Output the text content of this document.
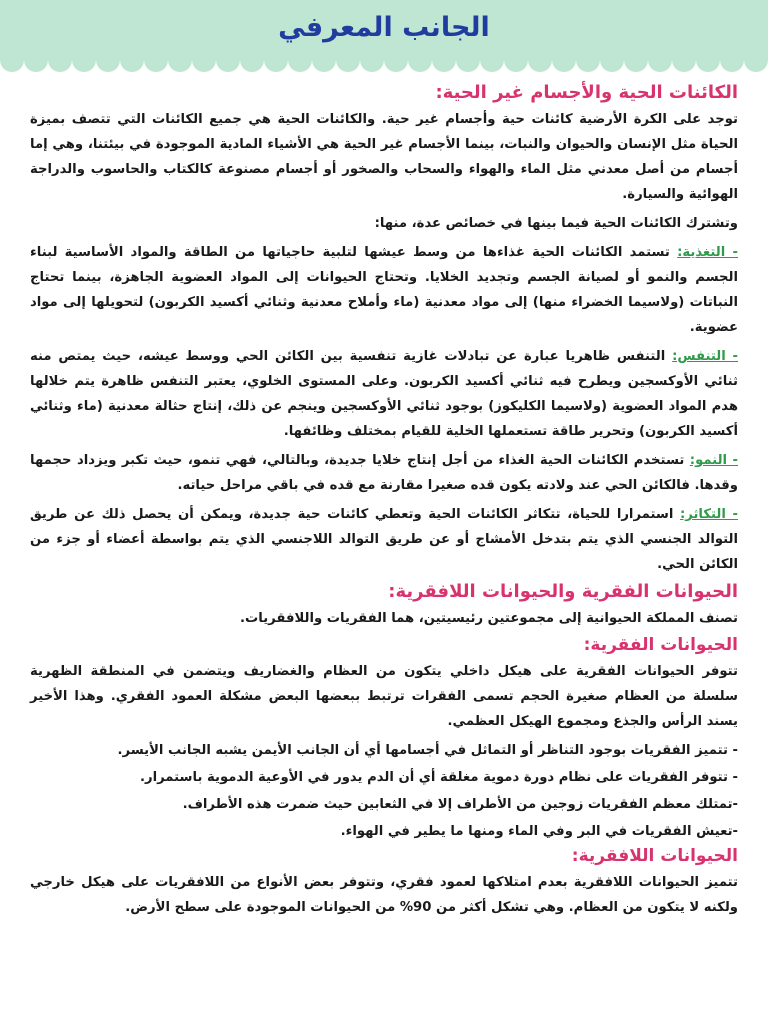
الجانب المعرفي
الكائنات الحية والأجسام غير الحية:

توجد على الكرة الأرضية كائنات حية وأجسام غير حية. والكائنات الحية هي جميع الكائنات التي تتصف بميزة الحياة مثل الإنسان والحيوان والنبات، بينما الأجسام غير الحية هي الأشياء المادية الموجودة في بيئتنا، وهي إما أجسام من أصل معدني مثل الماء والهواء والسحاب والصخور أو أجسام مصنوعة كالكتاب والحاسوب والدراجة الهوائية والسيارة.

وتشترك الكائنات الحية فيما بينها في خصائص عدة، منها:

- التغذية: تستمد الكائنات الحية غذاءها من وسط عيشها لتلبية حاجياتها من الطاقة والمواد الأساسية لبناء الجسم والنمو أو لصيانة الجسم وتجديد الخلايا. وتحتاج الحيوانات إلى المواد العضوية الجاهزة، بينما تحتاج النباتات (ولاسيما الخضراء منها) إلى مواد معدنية (ماء وأملاح معدنية وثنائي أكسيد الكربون) لتحويلها إلى مواد عضوية.

- التنفس: التنفس ظاهريا عبارة عن تبادلات غازية تنفسية بين الكائن الحي ووسط عيشه، حيث يمتص منه ثنائي الأوكسجين ويطرح فيه ثنائي أكسيد الكربون. وعلى المستوى الخلوي، يعتبر التنفس ظاهرة يتم خلالها هدم المواد العضوية (ولاسيما الكليكوز) بوجود ثنائي الأوكسجين وينجم عن ذلك، إنتاج حثالة معدنية (ماء وثنائي أكسيد الكربون) وتحرير طاقة تستعملها الخلية للقيام بمختلف وظائفها.

- النمو: تستخدم الكائنات الحية الغذاء من أجل إنتاج خلايا جديدة، وبالتالي، فهي تنمو، حيث تكبر ويزداد حجمها وقدها. فالكائن الحي عند ولادته يكون قده صغيرا مقارنة مع قده في باقي مراحل حياته.

- التكاثر: استمرارا للحياة، تتكاثر الكائنات الحية وتعطي كائنات حية جديدة، ويمكن أن يحصل ذلك عن طريق التوالد الجنسي الذي يتم بتدخل الأمشاج أو عن طريق التوالد اللاجنسي الذي يتم بواسطة أعضاء أو جزء من الكائن الحي.

الحيوانات الفقرية والحيوانات اللافقرية:

تصنف المملكة الحيوانية إلى مجموعتين رئيسيتين، هما الفقريات واللافقريات.

الحيوانات الفقرية:

تتوفر الحيوانات الفقرية على هيكل داخلي يتكون من العظام والغضاريف ويتضمن في المنطقة الظهرية سلسلة من العظام صغيرة الحجم تسمى الفقرات ترتبط ببعضها البعض مشكلة العمود الفقري. وهذا الأخير يسند الرأس والجذع ومجموع الهيكل العظمي.

- تتميز الفقريات بوجود التناظر أو التماثل في أجسامها أي أن الجانب الأيمن يشبه الجانب الأيسر.

- تتوفر الفقريات على نظام دورة دموية مغلقة أي أن الدم يدور في الأوعية الدموية باستمرار.

-تمتلك معظم الفقريات زوجين من الأطراف إلا في الثعابين حيث ضمرت هذه الأطراف.

-تعيش الفقريات في البر وفي الماء ومنها ما يطير في الهواء.

الحيوانات اللافقرية:

تتميز الحيوانات اللافقرية بعدم امتلاكها لعمود فقري، وتتوفر بعض الأنواع من اللافقريات على هيكل خارجي ولكنه لا يتكون من العظام. وهي تشكل أكثر من 90% من الحيوانات الموجودة على سطح الأرض.
